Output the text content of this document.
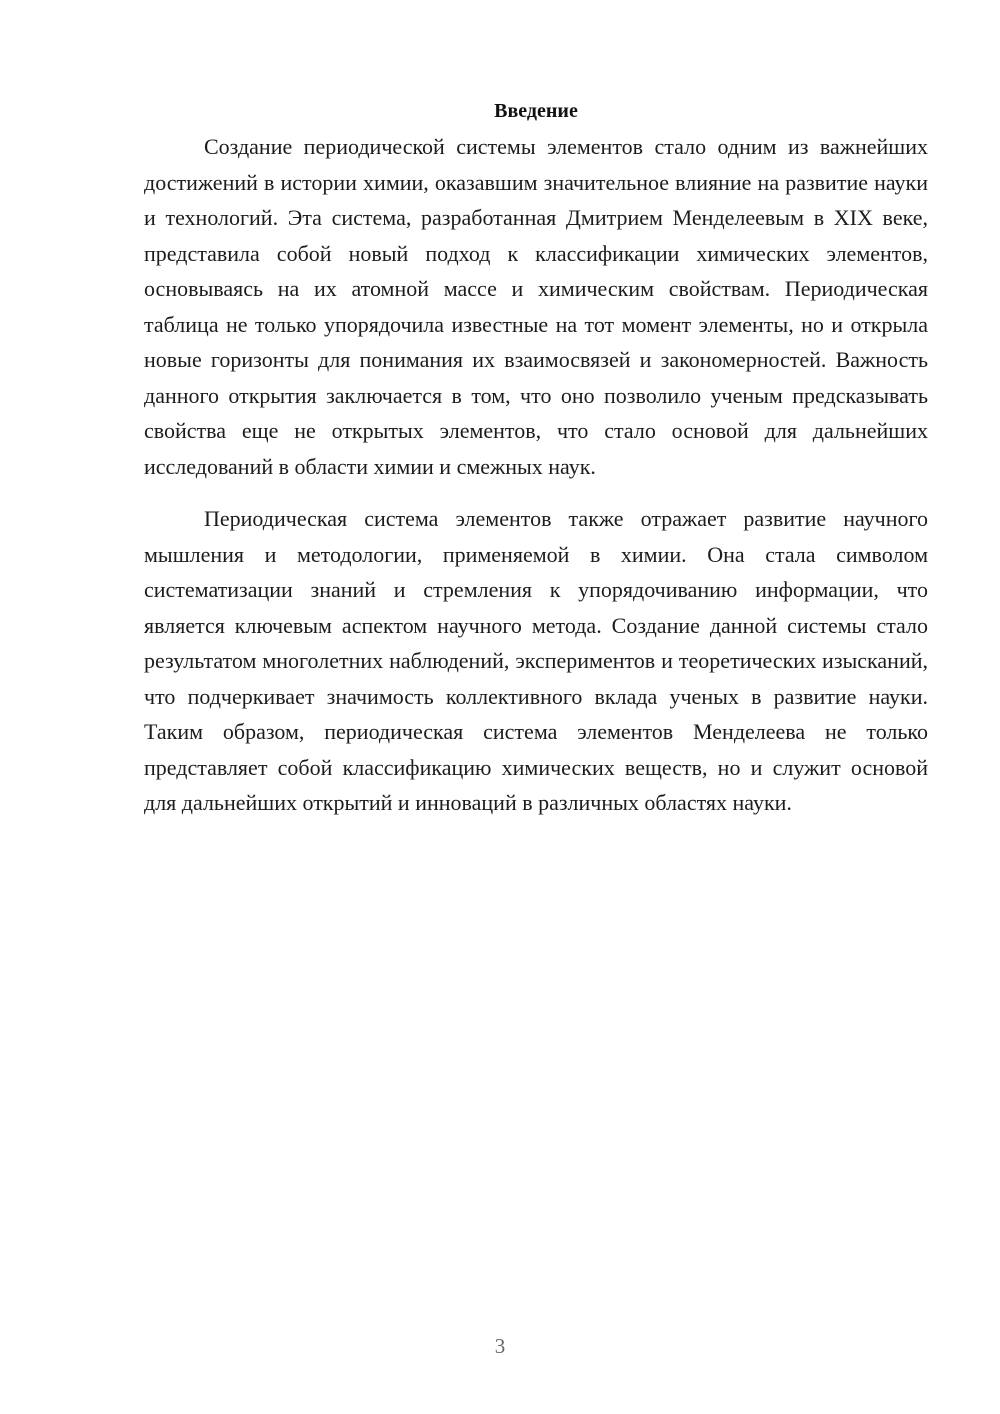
Введение

Создание периодической системы элементов стало одним из важнейших достижений в истории химии, оказавшим значительное влияние на развитие науки и технологий. Эта система, разработанная Дмитрием Менделеевым в XIX веке, представила собой новый подход к классификации химических элементов, основываясь на их атомной массе и химическим свойствам. Периодическая таблица не только упорядочила известные на тот момент элементы, но и открыла новые горизонты для понимания их взаимосвязей и закономерностей. Важность данного открытия заключается в том, что оно позволило ученым предсказывать свойства еще не открытых элементов, что стало основой для дальнейших исследований в области химии и смежных наук.

Периодическая система элементов также отражает развитие научного мышления и методологии, применяемой в химии. Она стала символом систематизации знаний и стремления к упорядочиванию информации, что является ключевым аспектом научного метода. Создание данной системы стало результатом многолетних наблюдений, экспериментов и теоретических изысканий, что подчеркивает значимость коллективного вклада ученых в развитие науки. Таким образом, периодическая система элементов Менделеева не только представляет собой классификацию химических веществ, но и служит основой для дальнейших открытий и инноваций в различных областях науки.

3
